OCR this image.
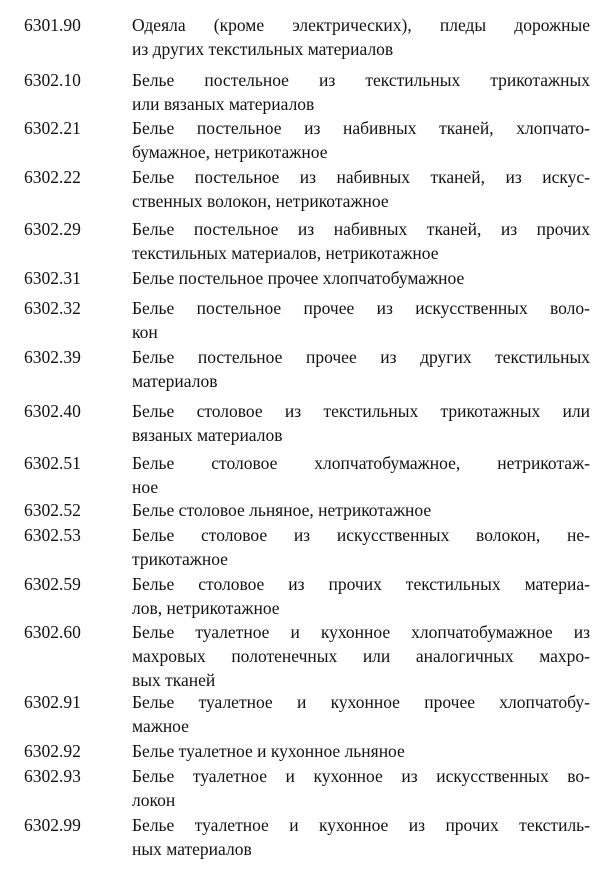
6301.90	Одеяла (кроме электрических), пледы дорожные
из других текстильных материалов
6302.10	Белье постельное из текстильных трикотажных
или вязаных материалов
6302.21	Белье постельное из набивных тканей, хлопчато-
бумажное, нетрикотажное
6302.22	Белье постельное из набивных тканей, из искус-
ственных волокон, нетрикотажное
6302.29	Белье постельное из набивных тканей, из прочих
текстильных материалов, нетрикотажное
6302.31	Белье постельное прочее хлопчатобумажное
6302.32	Белье постельное прочее из искусственных воло-
кон
6302.39	Белье постельное прочее из других текстильных
материалов
6302.40	Белье столовое из текстильных трикотажных или
вязаных материалов
6302.51	Белье столовое хлопчатобумажное, нетрикотаж-
ное
6302.52	Белье столовое льняное, нетрикотажное
6302.53	Белье столовое из искусственных волокон, не-
трикотажное
6302.59	Белье столовое из прочих текстильных материа-
лов, нетрикотажное
6302.60	Белье туалетное и кухонное хлопчатобумажное из
махровых полотенечных или аналогичных махро-
вых тканей
6302.91	Белье туалетное и кухонное прочее хлопчатобу-
мажное
6302.92	Белье туалетное и кухонное льняное
6302.93	Белье туалетное и кухонное из искусственных во-
локон
6302.99	Белье туалетное и кухонное из прочих текстиль-
ных материалов
